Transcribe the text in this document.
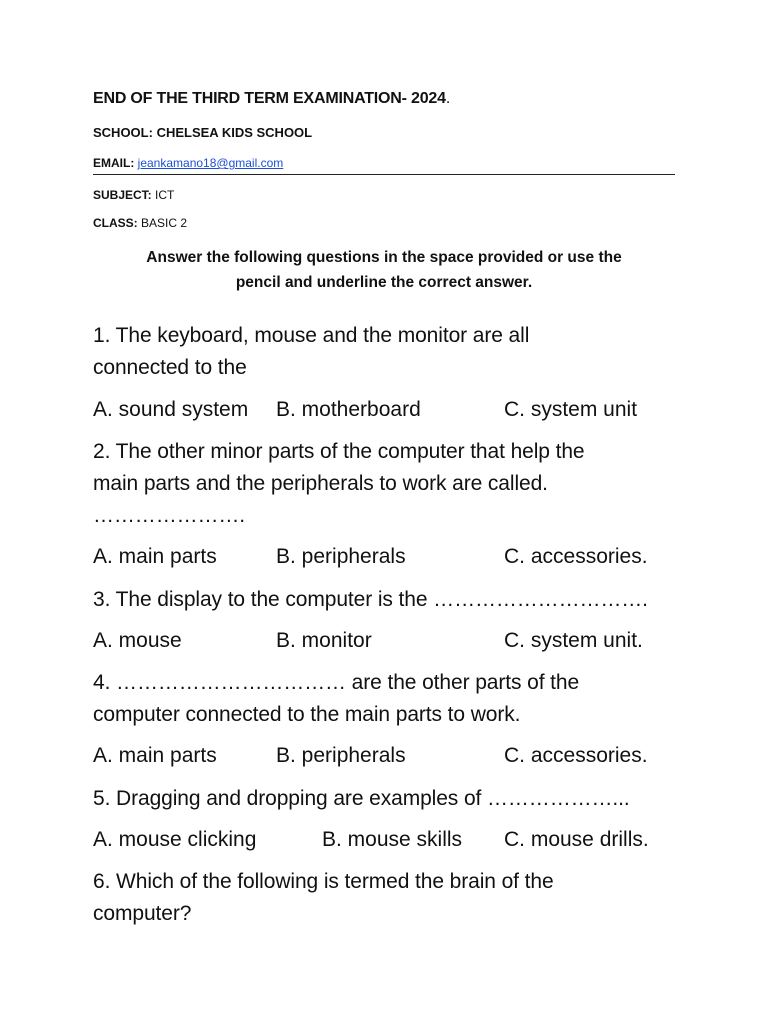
END OF THE THIRD TERM EXAMINATION- 2024.
SCHOOL: CHELSEA KIDS SCHOOL
EMAIL: jeankamano18@gmail.com
SUBJECT: ICT
CLASS: BASIC 2
Answer the following questions in the space provided or use the
pencil and underline the correct answer.
1. The keyboard, mouse and the monitor are all
connected to the
A. sound system B. motherboard	C. system unit
2. The other minor parts of the computer that help the
main parts and the peripherals to work are called.
………………….
A. main parts	B. peripherals	C. accessories.
3. The display to the computer is the ………………………….
A. mouse	B. monitor	C. system unit.
4. …………………………… are the other parts of the
computer connected to the main parts to work.
A. main parts	B. peripherals	C. accessories.
5. Dragging and dropping are examples of ………………...
A. mouse clicking	B. mouse skills C. mouse drills.
6. Which of the following is termed the brain of the
computer?
